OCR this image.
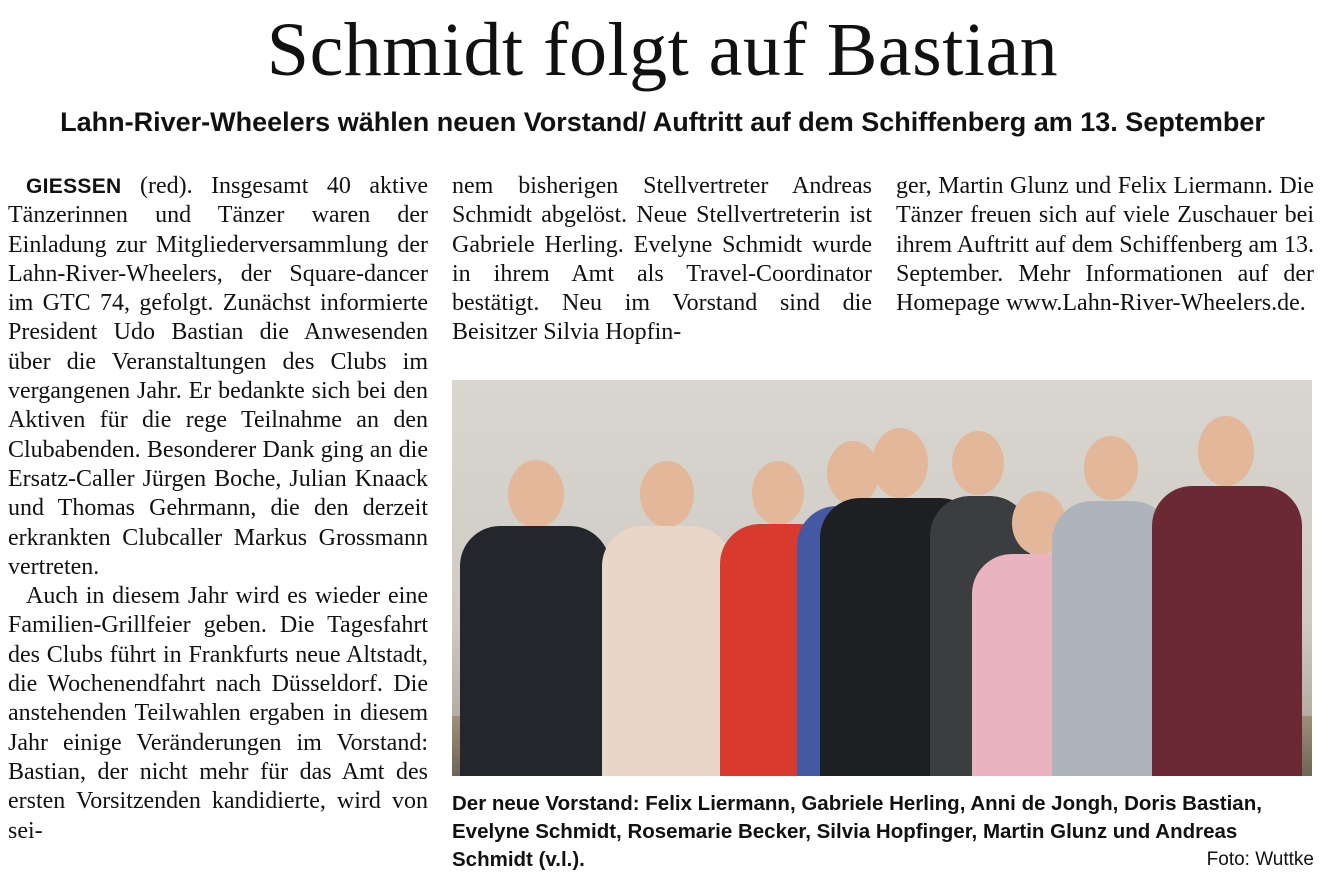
Schmidt folgt auf Bastian
Lahn-River-Wheelers wählen neuen Vorstand/ Auftritt auf dem Schiffenberg am 13. September

GIESSEN (red). Insgesamt 40 aktive Tänzerinnen und Tänzer waren der Einladung zur Mitgliederversammlung der Lahn-River-Wheelers, der Square-dancer im GTC 74, gefolgt. Zunächst informierte President Udo Bastian die Anwesenden über die Veranstaltungen des Clubs im vergangenen Jahr. Er bedankte sich bei den Aktiven für die rege Teilnahme an den Clubabenden. Besonderer Dank ging an die Ersatz-Caller Jürgen Boche, Julian Knaack und Thomas Gehrmann, die den derzeit erkrankten Clubcaller Markus Grossmann vertreten.

Auch in diesem Jahr wird es wieder eine Familien-Grillfeier geben. Die Tagesfahrt des Clubs führt in Frankfurts neue Altstadt, die Wochenendfahrt nach Düsseldorf. Die anstehenden Teilwahlen ergaben in diesem Jahr einige Veränderungen im Vorstand: Bastian, der nicht mehr für das Amt des ersten Vorsitzenden kandidierte, wird von sei-

nem bisherigen Stellvertreter Andreas Schmidt abgelöst. Neue Stellvertreterin ist Gabriele Herling. Evelyne Schmidt wurde in ihrem Amt als Travel-Coordinator bestätigt. Neu im Vorstand sind die Beisitzer Silvia Hopfin-

ger, Martin Glunz und Felix Liermann. Die Tänzer freuen sich auf viele Zuschauer bei ihrem Auftritt auf dem Schiffenberg am 13. September. Mehr Informationen auf der Homepage www.Lahn-River-Wheelers.de.

Der neue Vorstand: Felix Liermann, Gabriele Herling, Anni de Jongh, Doris Bastian, Evelyne Schmidt, Rosemarie Becker, Silvia Hopfinger, Martin Glunz und Andreas Schmidt (v.l.).	Foto: Wuttke
